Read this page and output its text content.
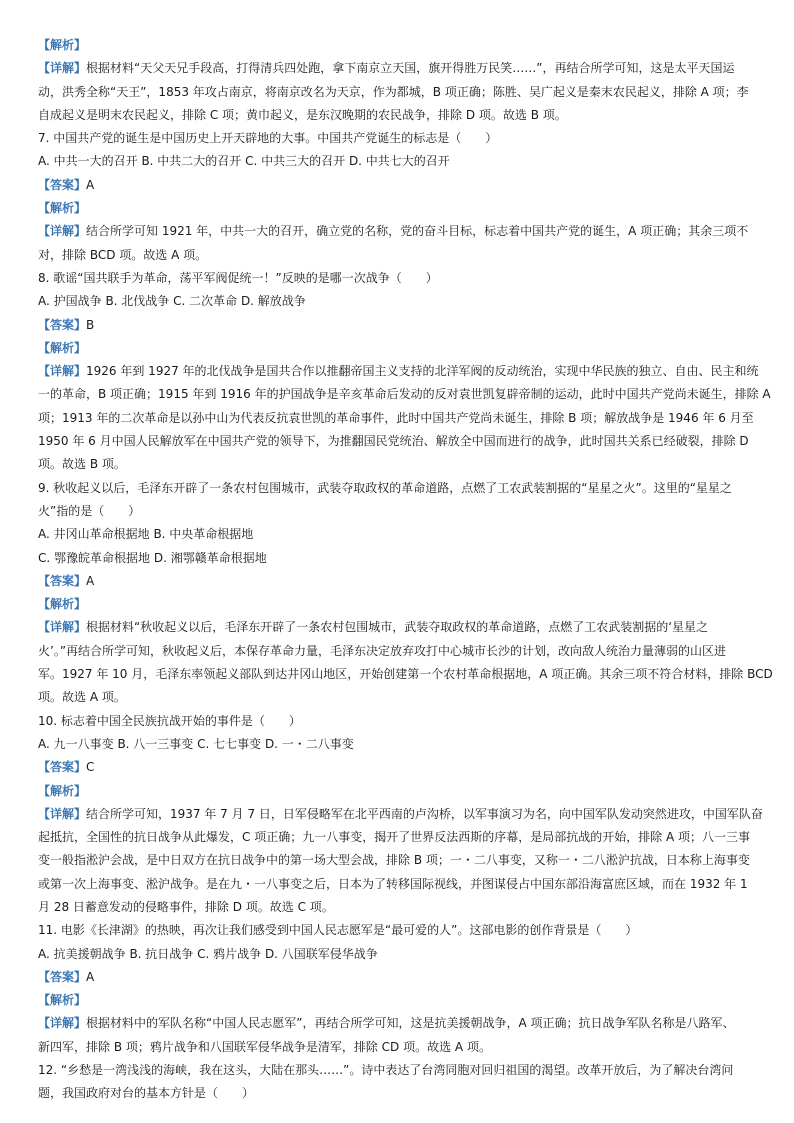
【解析】
【详解】根据材料“天父天兄手段高，打得清兵四处跑，拿下南京立天国，旗开得胜万民笑……”，再结合所学可知，这是太平天国运
动，洪秀全称“天王”，1853 年攻占南京，将南京改名为天京，作为都城，B 项正确；陈胜、吴广起义是秦末农民起义，排除 A 项；李
自成起义是明末农民起义，排除 C 项；黄巾起义，是东汉晚期的农民战争，排除 D 项。故选 B 项。
7. 中国共产党的诞生是中国历史上开天辟地的大事。中国共产党诞生的标志是（　　）
A. 中共一大的召开 B. 中共二大的召开 C. 中共三大的召开 D. 中共七大的召开
【答案】A
【解析】
【详解】结合所学可知 1921 年，中共一大的召开，确立党的名称，党的奋斗目标，标志着中国共产党的诞生，A 项正确；其余三项不
对，排除 BCD 项。故选 A 项。
8. 歌谣“国共联手为革命，荡平军阀促统一！”反映的是哪一次战争（　　）
A. 护国战争 B. 北伐战争 C. 二次革命 D. 解放战争
【答案】B
【解析】
【详解】1926 年到 1927 年的北伐战争是国共合作以推翻帝国主义支持的北洋军阀的反动统治，实现中华民族的独立、自由、民主和统
一的革命，B 项正确；1915 年到 1916 年的护国战争是辛亥革命后发动的反对袁世凯复辟帝制的运动，此时中国共产党尚未诞生，排除 A
项；1913 年的二次革命是以孙中山为代表反抗袁世凯的革命事件，此时中国共产党尚未诞生，排除 B 项；解放战争是 1946 年 6 月至
1950 年 6 月中国人民解放军在中国共产党的领导下，为推翻国民党统治、解放全中国而进行的战争，此时国共关系已经破裂，排除 D
项。故选 B 项。
9. 秋收起义以后，毛泽东开辟了一条农村包围城市，武装夺取政权的革命道路，点燃了工农武装割据的“星星之火”。这里的“星星之
火”指的是（　　）
A. 井冈山革命根据地 B. 中央革命根据地
C. 鄂豫皖革命根据地 D. 湘鄂赣革命根据地
【答案】A
【解析】
【详解】根据材料“秋收起义以后，毛泽东开辟了一条农村包围城市，武装夺取政权的革命道路，点燃了工农武装割据的‘星星之
火’。”再结合所学可知，秋收起义后，本保存革命力量，毛泽东决定放弃攻打中心城市长沙的计划，改向敌人统治力量薄弱的山区进
军。1927 年 10 月，毛泽东率领起义部队到达井冈山地区，开始创建第一个农村革命根据地，A 项正确。其余三项不符合材料，排除 BCD
项。故选 A 项。
10. 标志着中国全民族抗战开始的事件是（　　）
A. 九一八事变 B. 八一三事变 C. 七七事变 D. 一・二八事变
【答案】C
【解析】
【详解】结合所学可知，1937 年 7 月 7 日，日军侵略军在北平西南的卢沟桥，以军事演习为名，向中国军队发动突然进攻，中国军队奋
起抵抗，全国性的抗日战争从此爆发，C 项正确；九一八事变，揭开了世界反法西斯的序幕，是局部抗战的开始，排除 A 项；八一三事
变一般指淞沪会战，是中日双方在抗日战争中的第一场大型会战，排除 B 项；一・二八事变，又称一・二八淞沪抗战，日本称上海事变
或第一次上海事变、淞沪战争。是在九・一八事变之后，日本为了转移国际视线，并图谋侵占中国东部沿海富庶区域，而在 1932 年 1
月 28 日蓄意发动的侵略事件，排除 D 项。故选 C 项。
11. 电影《长津湖》的热映，再次让我们感受到中国人民志愿军是“最可爱的人”。这部电影的创作背景是（　　）
A. 抗美援朝战争 B. 抗日战争 C. 鸦片战争 D. 八国联军侵华战争
【答案】A
【解析】
【详解】根据材料中的军队名称“中国人民志愿军”，再结合所学可知，这是抗美援朝战争，A 项正确；抗日战争军队名称是八路军、
新四军，排除 B 项；鸦片战争和八国联军侵华战争是清军，排除 CD 项。故选 A 项。
12. “乡愁是一湾浅浅的海峡，我在这头，大陆在那头……”。诗中表达了台湾同胞对回归祖国的渴望。改革开放后，为了解决台湾问
题，我国政府对台的基本方针是（　　）
